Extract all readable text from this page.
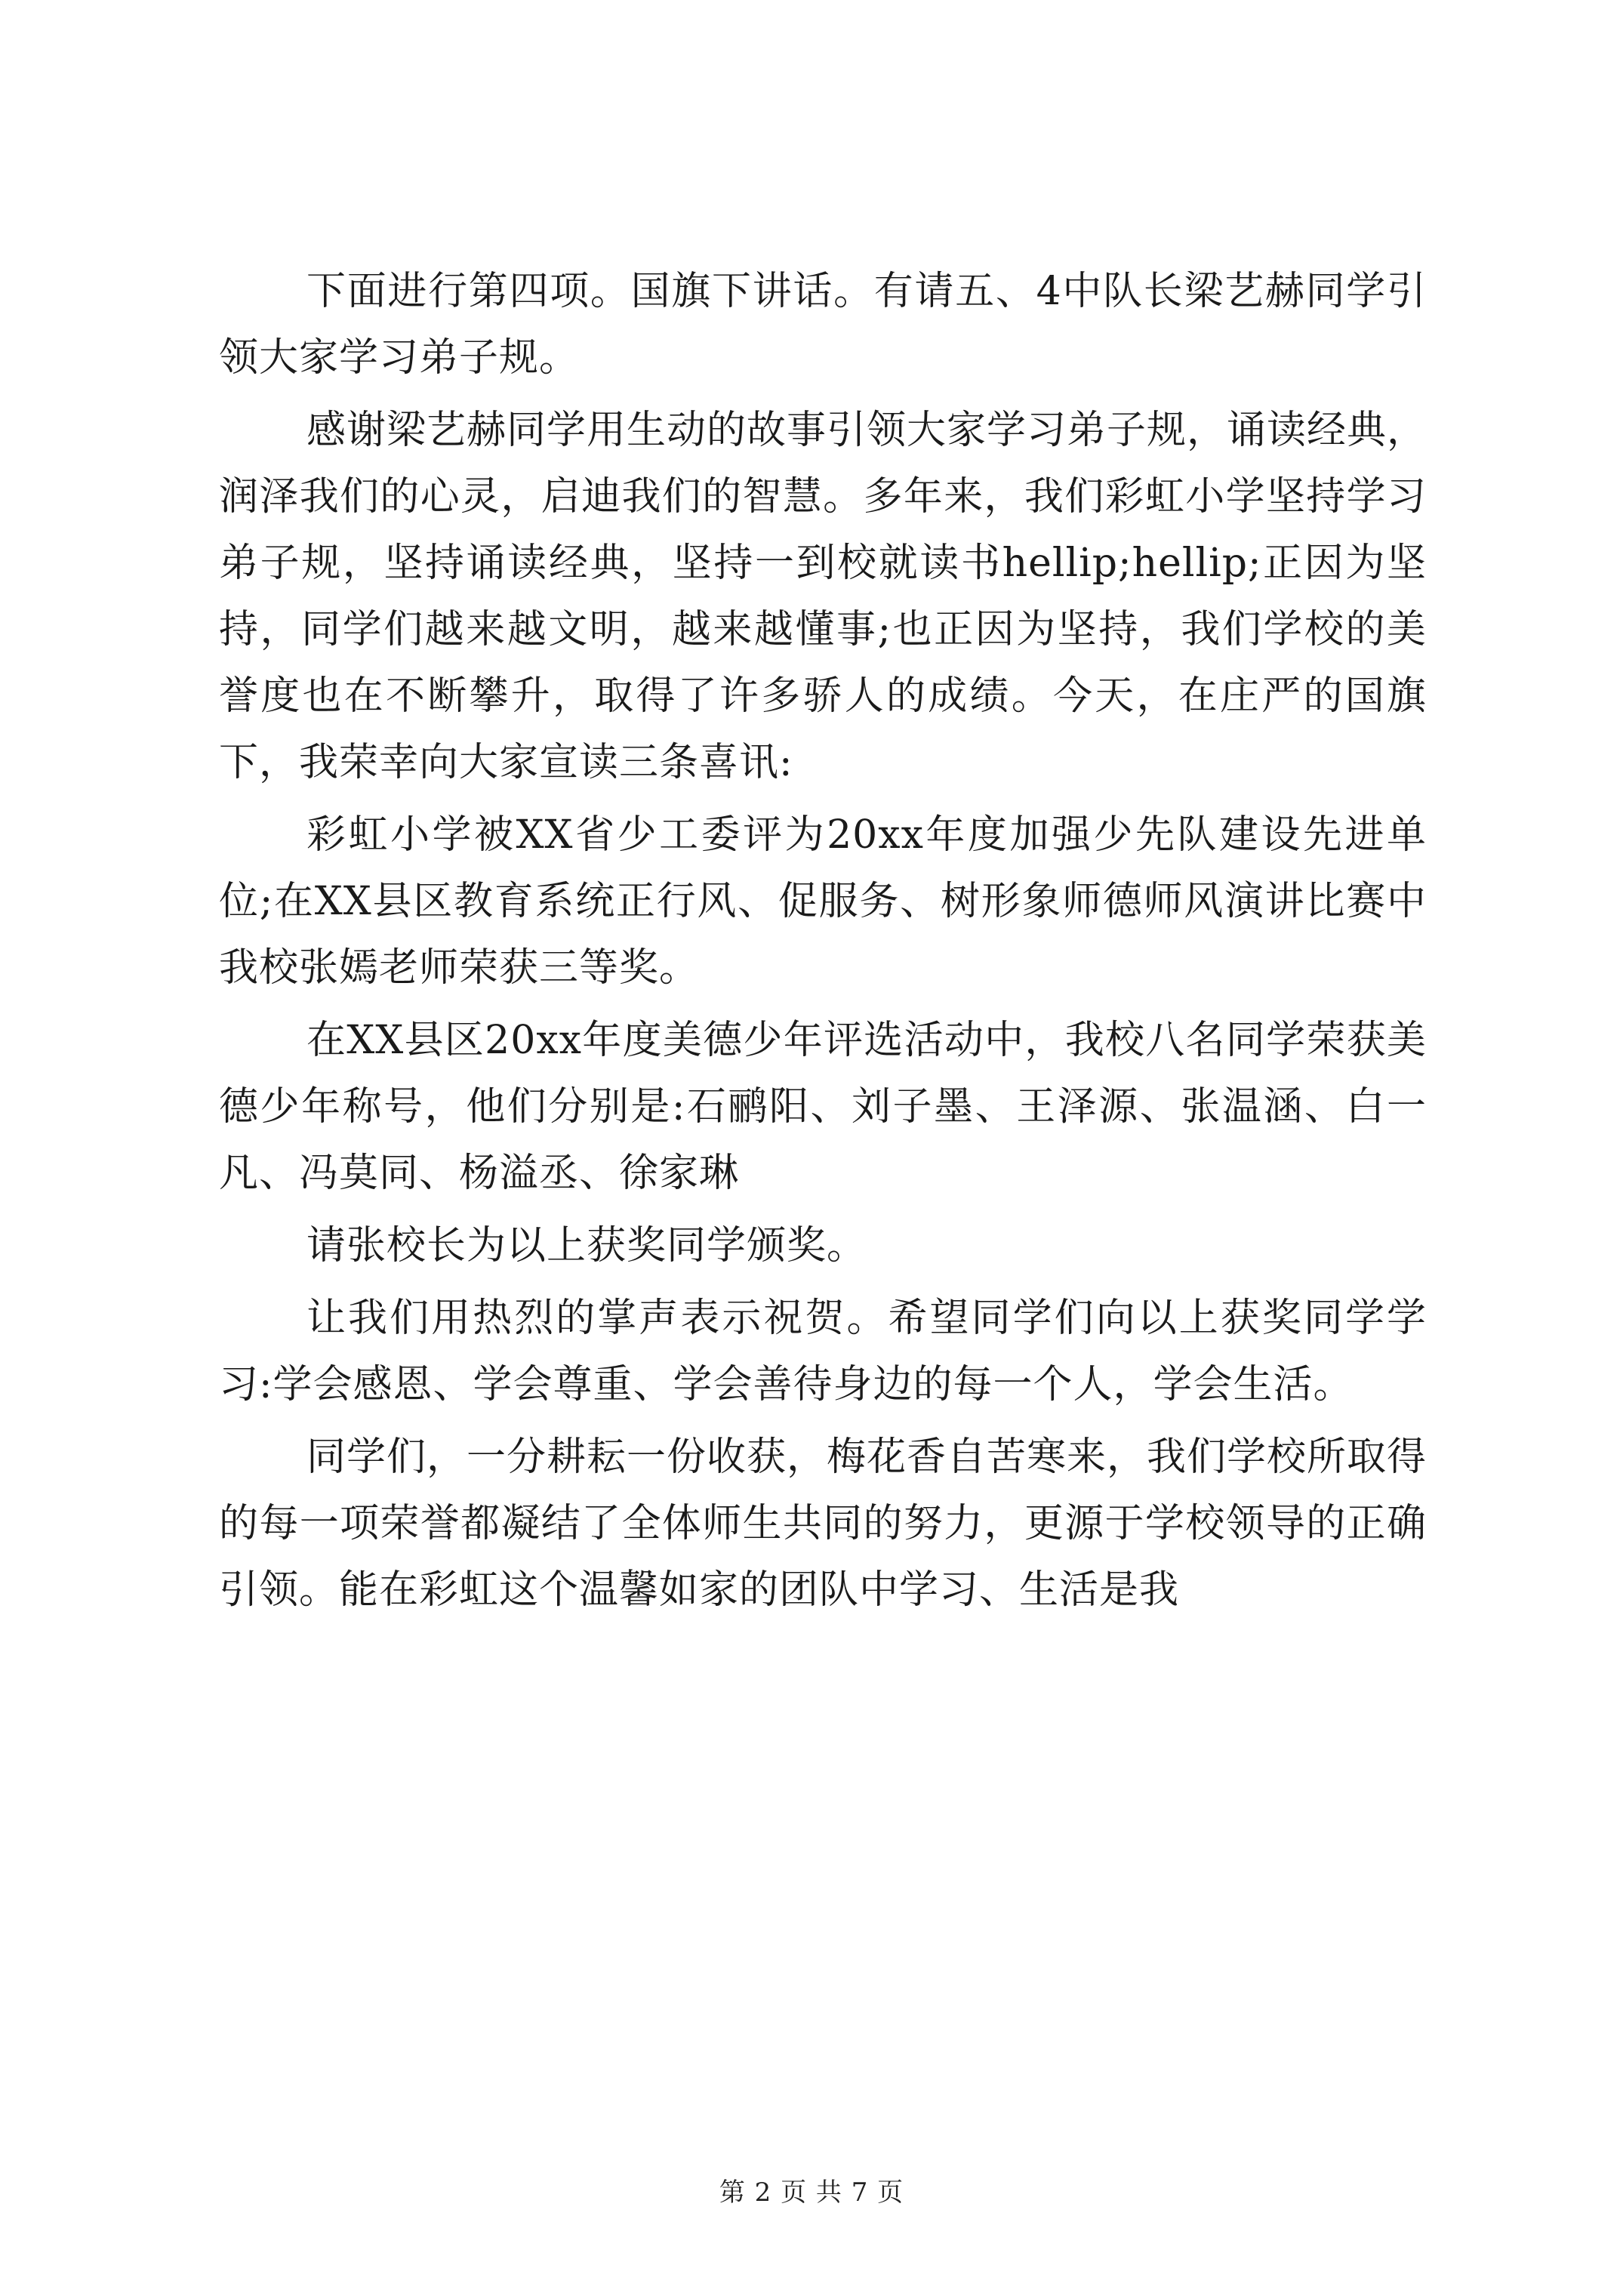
下面进行第四项。国旗下讲话。有请五、4中队长梁艺赫同学引领大家学习弟子规。

感谢梁艺赫同学用生动的故事引领大家学习弟子规，诵读经典，润泽我们的心灵，启迪我们的智慧。多年来，我们彩虹小学坚持学习弟子规，坚持诵读经典，坚持一到校就读书hellip;hellip;正因为坚持，同学们越来越文明，越来越懂事;也正因为坚持，我们学校的美誉度也在不断攀升，取得了许多骄人的成绩。今天，在庄严的国旗下，我荣幸向大家宣读三条喜讯:

彩虹小学被XX省少工委评为20xx年度加强少先队建设先进单位;在XX县区教育系统正行风、促服务、树形象师德师风演讲比赛中我校张嫣老师荣获三等奖。

在XX县区20xx年度美德少年评选活动中，我校八名同学荣获美德少年称号，他们分别是:石鹂阳、刘子墨、王泽源、张温涵、白一凡、冯莫同、杨溢丞、徐家琳

请张校长为以上获奖同学颁奖。

让我们用热烈的掌声表示祝贺。希望同学们向以上获奖同学学习:学会感恩、学会尊重、学会善待身边的每一个人，学会生活。

同学们，一分耕耘一份收获，梅花香自苦寒来，我们学校所取得的每一项荣誉都凝结了全体师生共同的努力，更源于学校领导的正确引领。能在彩虹这个温馨如家的团队中学习、生活是我

第 2 页 共 7 页
